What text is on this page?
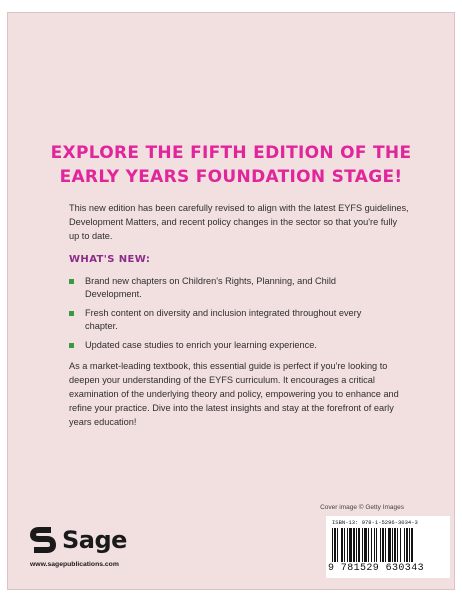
EXPLORE THE FIFTH EDITION OF THE
EARLY YEARS FOUNDATION STAGE!
This new edition has been carefully revised to align with the latest EYFS guidelines, Development Matters, and recent policy changes in the sector so that you're fully up to date.
WHAT'S NEW:
Brand new chapters on Children's Rights, Planning, and Child Development.
Fresh content on diversity and inclusion integrated throughout every chapter.
Updated case studies to enrich your learning experience.
As a market-leading textbook, this essential guide is perfect if you're looking to deepen your understanding of the EYFS curriculum. It encourages a critical examination of the underlying theory and policy, empowering you to enhance and refine your practice. Dive into the latest insights and stay at the forefront of early years education!
Cover image © Getty Images
Sage
www.sagepublications.com
ISBN-13: 978-1-5296-3034-3
9 781529 630343
